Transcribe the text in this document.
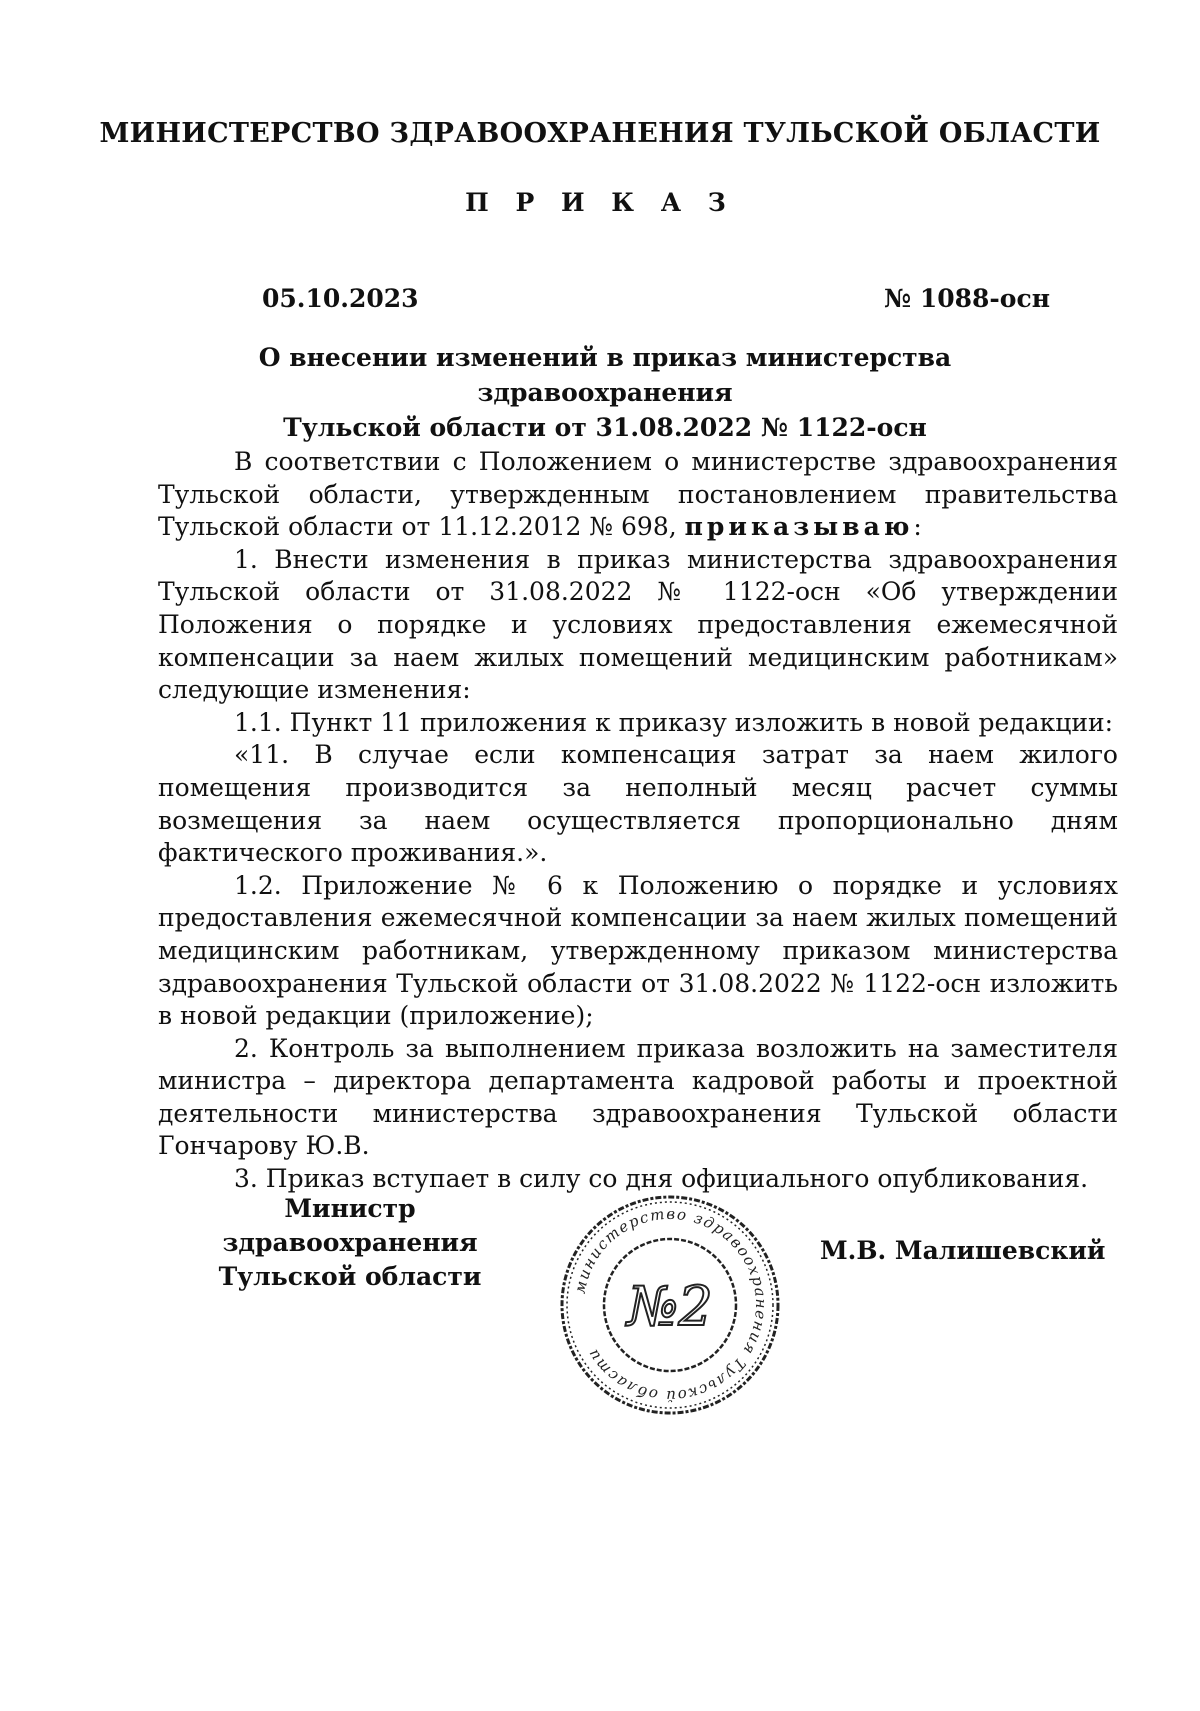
МИНИСТЕРСТВО ЗДРАВООХРАНЕНИЯ ТУЛЬСКОЙ ОБЛАСТИ
П Р И К А З
05.10.2023	№ 1088-осн
О внесении изменений в приказ министерства здравоохранения
Тульской области от 31.08.2022 № 1122-осн

В соответствии с Положением о министерстве здравоохранения Тульской области, утвержденным постановлением правительства Тульской области от 11.12.2012 № 698, приказываю:

1. Внести изменения в приказ министерства здравоохранения Тульской области от 31.08.2022 № 1122-осн «Об утверждении Положения о порядке и условиях предоставления ежемесячной компенсации за наем жилых помещений медицинским работникам» следующие изменения:

1.1. Пункт 11 приложения к приказу изложить в новой редакции:

«11. В случае если компенсация затрат за наем жилого помещения производится за неполный месяц расчет суммы возмещения за наем осуществляется пропорционально дням фактического проживания.».

1.2. Приложение № 6 к Положению о порядке и условиях предоставления ежемесячной компенсации за наем жилых помещений медицинским работникам, утвержденному приказом министерства здравоохранения Тульской области от 31.08.2022 № 1122-осн изложить в новой редакции (приложение);

2. Контроль за выполнением приказа возложить на заместителя министра – директора департамента кадровой работы и проектной деятельности министерства здравоохранения Тульской области Гончарову Ю.В.

3. Приказ вступает в силу со дня официального опубликования.

Министр здравоохранения
Тульской области	министерство здравоохранения Тульской области
№2
М.В. Малишевский
